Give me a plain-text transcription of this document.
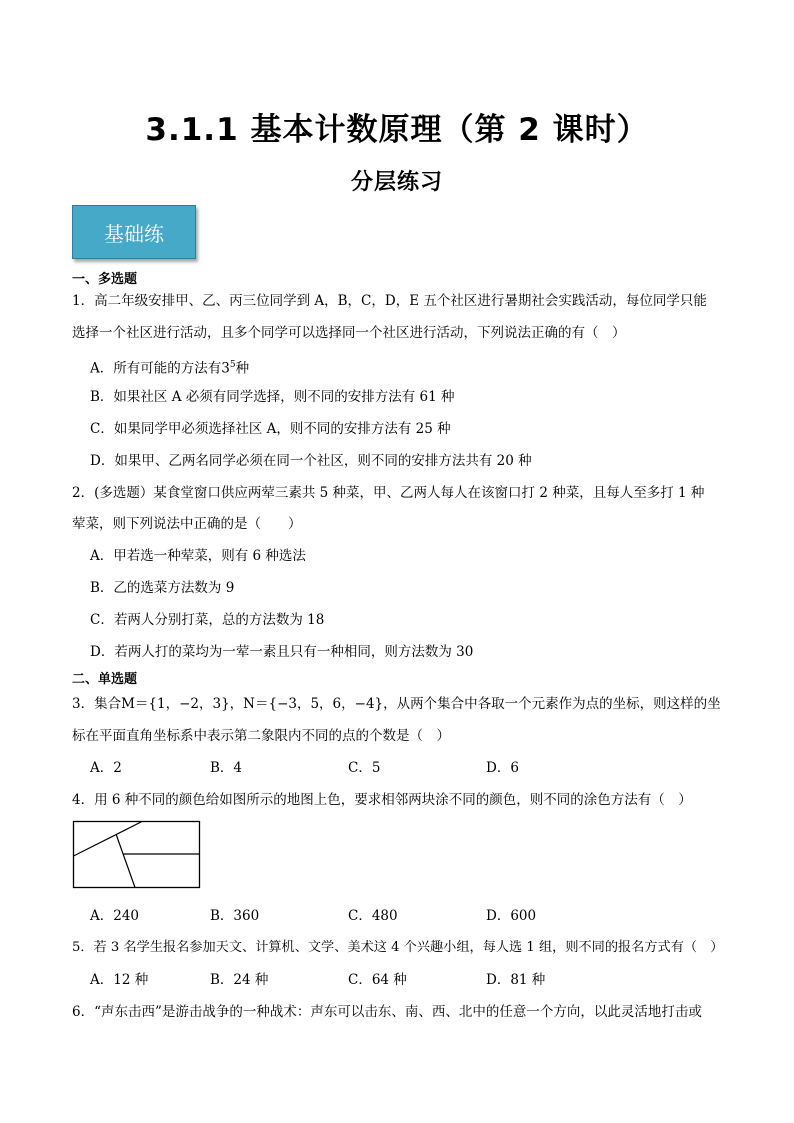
3.1.1 基本计数原理（第 2 课时）
分层练习
基础练
一、多选题
1．高二年级安排甲、乙、丙三位同学到 A，B，C，D，E 五个社区进行暑期社会实践活动，每位同学只能
选择一个社区进行活动，且多个同学可以选择同一个社区进行活动，下列说法正确的有（　）
A．所有可能的方法有$3^5$种
B．如果社区 A 必须有同学选择，则不同的安排方法有 61 种
C．如果同学甲必须选择社区 A，则不同的安排方法有 25 种
D．如果甲、乙两名同学必须在同一个社区，则不同的安排方法共有 20 种
2．(多选题）某食堂窗口供应两荤三素共 5 种菜，甲、乙两人每人在该窗口打 2 种菜，且每人至多打 1 种
荤菜，则下列说法中正确的是（　　）
A．甲若选一种荤菜，则有 6 种选法
B．乙的选菜方法数为 9
C．若两人分别打菜，总的方法数为 18
D．若两人打的菜均为一荤一素且只有一种相同，则方法数为 30
二、单选题
3．集合M＝{1，−2，3}，N＝{−3，5，6，−4}，从两个集合中各取一个元素作为点的坐标，则这样的坐
标在平面直角坐标系中表示第二象限内不同的点的个数是（　）
A．2	B．4	C．5	D．6
4．用 6 种不同的颜色给如图所示的地图上色，要求相邻两块涂不同的颜色，则不同的涂色方法有（　）
A．240	B．360	C．480	D．600
5．若 3 名学生报名参加天文、计算机、文学、美术这 4 个兴趣小组，每人选 1 组，则不同的报名方式有（　）
A．12 种	B．24 种	C．64 种	D．81 种
6．“声东击西”是游击战争的一种战术：声东可以击东、南、西、北中的任意一个方向，以此灵活地打击或
